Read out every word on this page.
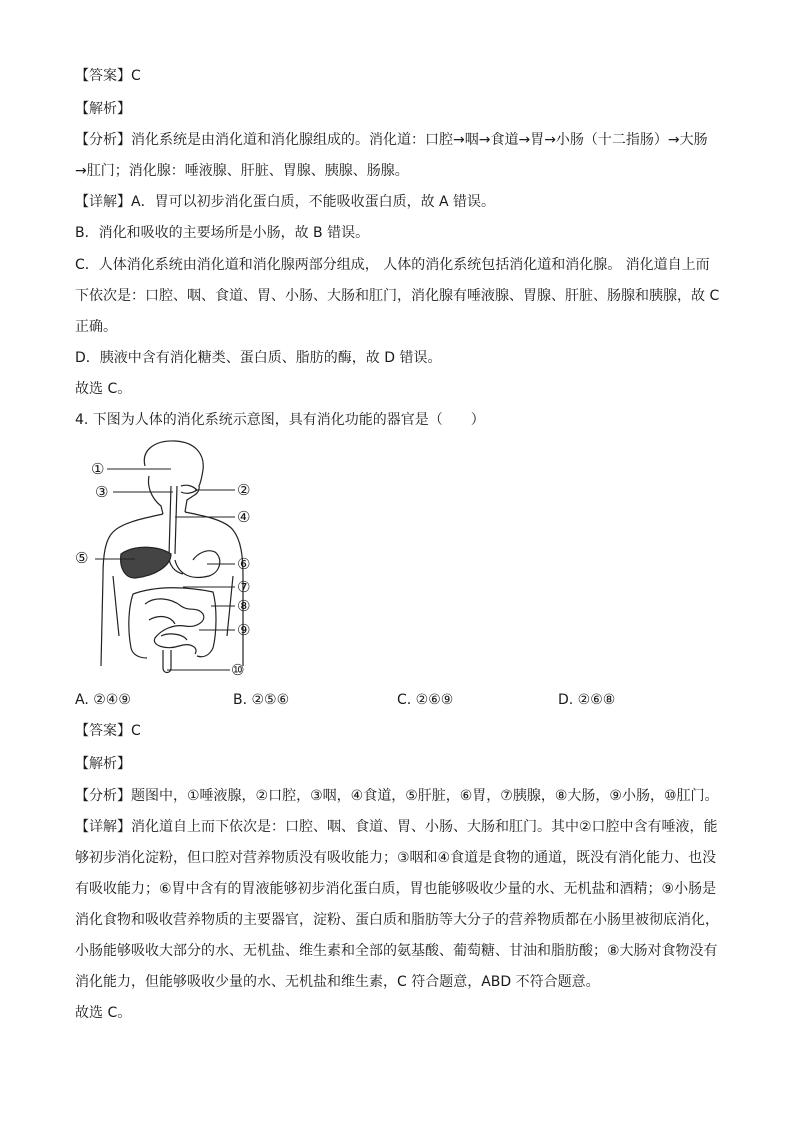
【答案】C
【解析】
【分析】消化系统是由消化道和消化腺组成的。消化道：口腔→咽→食道→胃→小肠（十二指肠）→大肠
→肛门；消化腺：唾液腺、肝脏、胃腺、胰腺、肠腺。
【详解】A．胃可以初步消化蛋白质，不能吸收蛋白质，故 A 错误。
B．消化和吸收的主要场所是小肠，故 B 错误。
C．人体消化系统由消化道和消化腺两部分组成， 人体的消化系统包括消化道和消化腺。 消化道自上而
下依次是：口腔、咽、食道、胃、小肠、大肠和肛门，消化腺有唾液腺、胃腺、肝脏、肠腺和胰腺，故 C
正确。
D．胰液中含有消化糖类、蛋白质、脂肪的酶，故 D 错误。
故选 C。
4. 下图为人体的消化系统示意图，具有消化功能的器官是（　　）
①
②
③
④
⑤	⑥
⑦
⑧
⑨
⑩
A. ②④⑨	B. ②⑤⑥	C. ②⑥⑨	D. ②⑥⑧
【答案】C
【解析】
【分析】题图中，①唾液腺，②口腔，③咽，④食道，⑤肝脏，⑥胃，⑦胰腺，⑧大肠，⑨小肠，⑩肛门。
【详解】消化道自上而下依次是：口腔、咽、食道、胃、小肠、大肠和肛门。其中②口腔中含有唾液，能
够初步消化淀粉，但口腔对营养物质没有吸收能力；③咽和④食道是食物的通道，既没有消化能力、也没
有吸收能力；⑥胃中含有的胃液能够初步消化蛋白质，胃也能够吸收少量的水、无机盐和酒精；⑨小肠是
消化食物和吸收营养物质的主要器官，淀粉、蛋白质和脂肪等大分子的营养物质都在小肠里被彻底消化，
小肠能够吸收大部分的水、无机盐、维生素和全部的氨基酸、葡萄糖、甘油和脂肪酸；⑧大肠对食物没有
消化能力，但能够吸收少量的水、无机盐和维生素，C 符合题意，ABD 不符合题意。
故选 C。
